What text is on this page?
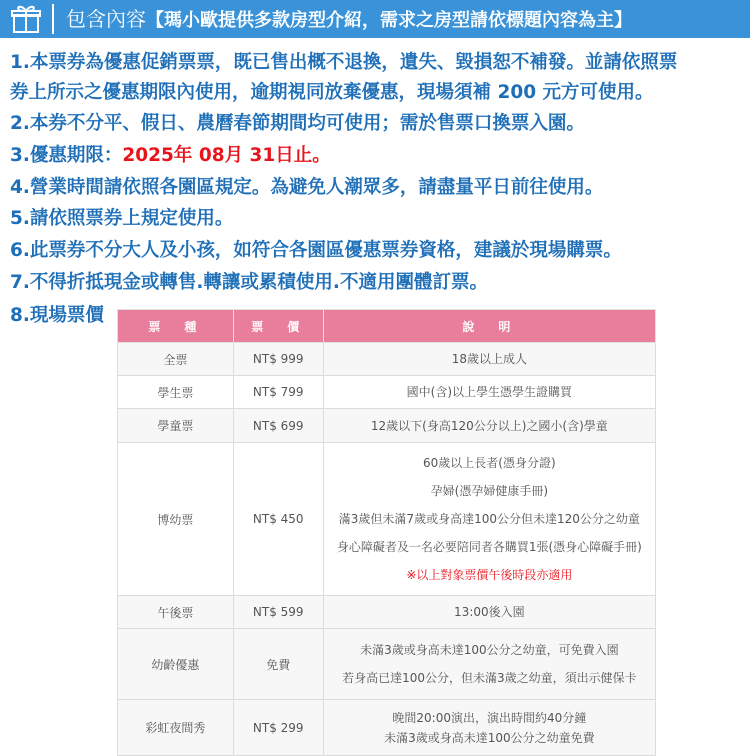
包含內容【瑪小歐提供多款房型介紹，需求之房型請依標題內容為主】
1.本票券為優惠促銷票票，既已售出概不退換，遺失、毀損恕不補發。並請依照票
券上所示之優惠期限內使用，逾期視同放棄優惠，現場須補 200 元方可使用。
2.本券不分平、假日、農曆春節期間均可使用；需於售票口換票入園。
3.優惠期限：2025年 08月 31日止。
4.營業時間請依照各園區規定。為避免人潮眾多，請盡量平日前往使用。
5.請依照票券上規定使用。
6.此票券不分大人及小孩，如符合各園區優惠票券資格，建議於現場購票。
7.不得折抵現金或轉售.轉讓或累積使用.不適用團體訂票。
8.現場票價
票　種	票　價	說　明
全票	NT$ 999	18歲以上成人

學生票	NT$ 799	國中(含)以上學生憑學生證購買

學童票	NT$ 699	12歲以下(身高120公分以上)之國小(含)學童

博幼票	NT$ 450	60歲以上長者(憑身分證)
孕婦(憑孕婦健康手冊)
滿3歲但未滿7歲或身高達100公分但未達120公分之幼童
身心障礙者及一名必要陪同者各購買1張(憑身心障礙手冊)
※以上對象票價午後時段亦適用

午後票	NT$ 599	13:00後入園

幼齡優惠	免費	未滿3歲或身高未達100公分之幼童，可免費入園
若身高已達100公分，但未滿3歲之幼童，須出示健保卡

彩虹夜間秀	NT$ 299	晚間20:00演出，演出時間約40分鐘
未滿3歲或身高未達100公分之幼童免費
